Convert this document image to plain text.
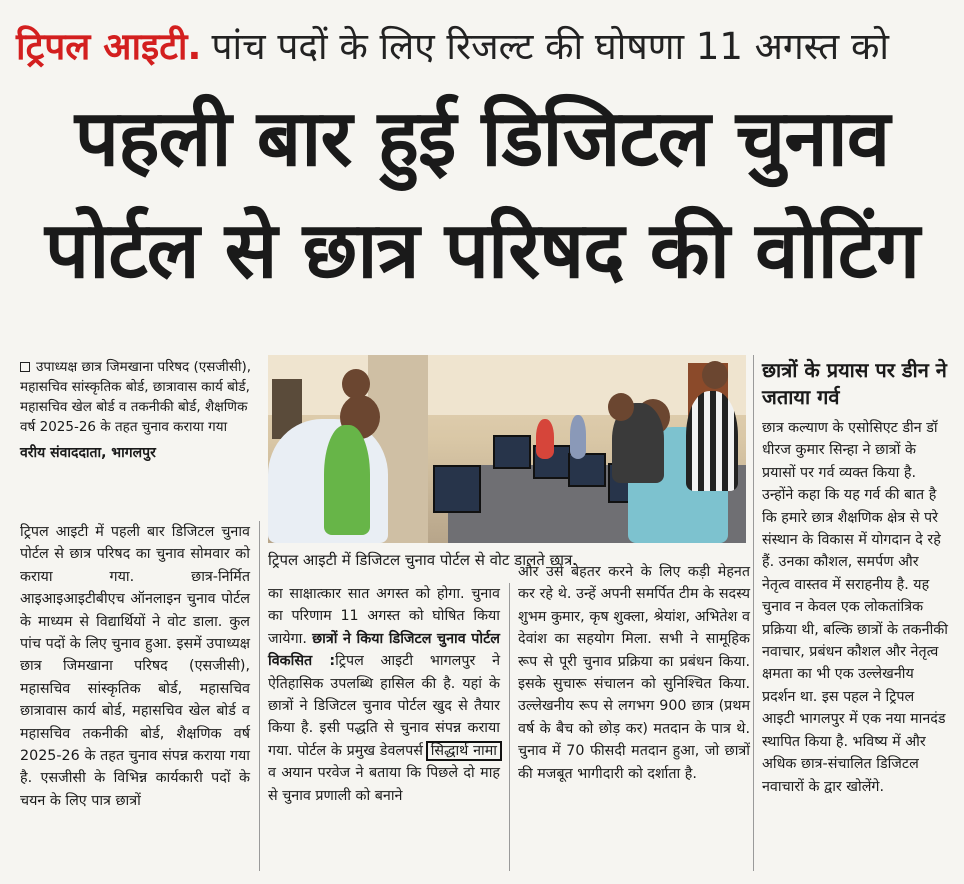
ट्रिपल आइटी. पांच पदों के लिए रिजल्ट की घोषणा 11 अगस्त को
पहली बार हुई डिजिटल चुनाव
पोर्टल से छात्र परिषद की वोटिंग
उपाध्यक्ष छात्र जिमखाना परिषद (एसजीसी), महासचिव सांस्कृतिक बोर्ड, छात्रावास कार्य बोर्ड, महासचिव खेल बोर्ड व तकनीकी बोर्ड, शैक्षणिक वर्ष 2025-26 के तहत चुनाव कराया गया
वरीय संवाददाता, भागलपुर
ट्रिपल आइटी में डिजिटल चुनाव पोर्टल से वोट डालते छात्र.
ट्रिपल आइटी में पहली बार डिजिटल चुनाव पोर्टल से छात्र परिषद का चुनाव सोमवार को कराया गया. छात्र-निर्मित आइआइआइटीबीएच ऑनलाइन चुनाव पोर्टल के माध्यम से विद्यार्थियों ने वोट डाला. कुल पांच पदों के लिए चुनाव हुआ. इसमें उपाध्यक्ष छात्र जिमखाना परिषद (एसजीसी), महासचिव सांस्कृतिक बोर्ड, महासचिव छात्रावास कार्य बोर्ड, महासचिव खेल बोर्ड व महासचिव तकनीकी बोर्ड, शैक्षणिक वर्ष 2025-26 के तहत चुनाव संपन्न कराया गया है. एसजीसी के विभिन्न कार्यकारी पदों के चयन के लिए पात्र छात्रों
का साक्षात्कार सात अगस्त को होगा. चुनाव का परिणाम 11 अगस्त को घोषित किया जायेगा. छात्रों ने किया डिजिटल चुनाव पोर्टल विकसित :ट्रिपल आइटी भागलपुर ने ऐतिहासिक उपलब्धि हासिल की है. यहां के छात्रों ने डिजिटल चुनाव पोर्टल खुद से तैयार किया है. इसी पद्धति से चुनाव संपन्न कराया गया. पोर्टल के प्रमुख डेवलपर्स सिद्धार्थ नामा व अयान परवेज ने बताया कि पिछले दो माह से चुनाव प्रणाली को बनाने
और उसे बेहतर करने के लिए कड़ी मेहनत कर रहे थे. उन्हें अपनी समर्पित टीम के सदस्य शुभम कुमार, कृष शुक्ला, श्रेयांश, अभितेश व देवांश का सहयोग मिला. सभी ने सामूहिक रूप से पूरी चुनाव प्रक्रिया का प्रबंधन किया. इसके सुचारू संचालन को सुनिश्चित किया. उल्लेखनीय रूप से लगभग 900 छात्र (प्रथम वर्ष के बैच को छोड़ कर) मतदान के पात्र थे. चुनाव में 70 फीसदी मतदान हुआ, जो छात्रों की मजबूत भागीदारी को दर्शाता है.
छात्रों के प्रयास पर डीन ने जताया गर्व

छात्र कल्याण के एसोसिएट डीन डॉ धीरज कुमार सिन्हा ने छात्रों के प्रयासों पर गर्व व्यक्त किया है. उन्होंने कहा कि यह गर्व की बात है कि हमारे छात्र शैक्षणिक क्षेत्र से परे संस्थान के विकास में योगदान दे रहे हैं. उनका कौशल, समर्पण और नेतृत्व वास्तव में सराहनीय है. यह चुनाव न केवल एक लोकतांत्रिक प्रक्रिया थी, बल्कि छात्रों के तकनीकी नवाचार, प्रबंधन कौशल और नेतृत्व क्षमता का भी एक उल्लेखनीय प्रदर्शन था. इस पहल ने ट्रिपल आइटी भागलपुर में एक नया मानदंड स्थापित किया है. भविष्य में और अधिक छात्र-संचालित डिजिटल नवाचारों के द्वार खोलेंगे.
